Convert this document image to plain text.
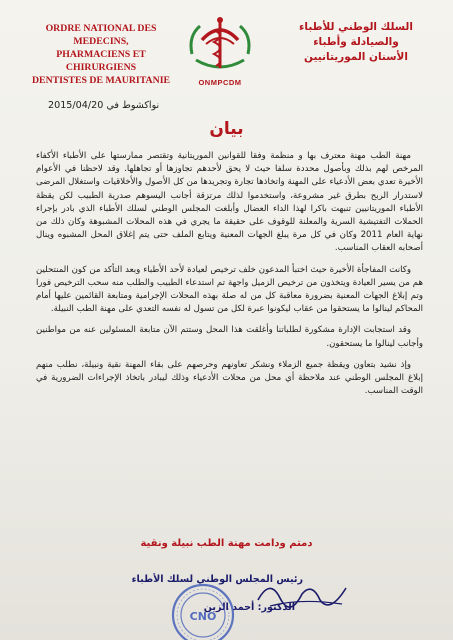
ORDRE NATIONAL DES MEDECINS,
PHARMACIENS ET CHIRURGIENS
DENTISTES DE MAURITANIE	ONMPCDM
السلك الوطني للأطباء
والصيادلة وأطباء
الأسنان الموريتانيين
نواكشوط في 2015/04/20
بيان

مهنة الطب مهنة معترف بها و منظمة وفقا للقوانين الموريتانية وتقتصر ممارستها على الأطباء الأكفاء المرخص لهم بذلك وبأصول محددة سلفا حيث لا يحق لأحدهم تجاوزها أو تجاهلها. وقد لاحظنا في الأعوام الأخيرة تعدي بعض الأدعياء على المهنة واتخاذها تجارة وتجريدها من كل الأصول والأخلاقيات واستغلال المرضى لاستدرار الربح بطرق غير مشروعة، واستخدموا لذلك مرتزقة أجانب اليسوهم صدرية الطبيب لكن يقظة الأطباء الموريتانيين تنبهت باكرا لهذا الداء العضال وأبلغت المجلس الوطني لسلك الأطباء الذي بادر بإجراء الحملات التفتيشية السرية والمعلنة للوقوف على حقيقة ما يجري في هذه المحلات المشبوهة وكان ذلك من نهاية العام 2011 وكان في كل مرة يبلغ الجهات المعنية ويتابع الملف حتى يتم إغلاق المحل المشبوه وينال أصحابه العقاب المناسب.

وكانت المفاجأة الأخيرة حيث اختبأ المدعون خلف ترخيص لعيادة لأحد الأطباء وبعد التأكد من كون المنتحلين هم من يسير العيادة ويتخذون من ترخيص الزميل واجهة تم استدعاء الطبيب والطلب منه سحب الترخيص فورا وتم إبلاغ الجهات المعنية بضرورة معاقبة كل من له صلة بهذه المحلات الإجرامية ومتابعة القائمين عليها أمام المحاكم لينالوا ما يستحقوا من عقاب ليكونوا عبرة لكل من تسول له نفسه التعدي على مهنة الطب النبيلة.

وقد استجابت الإدارة مشكورة لطلباتنا وأغلقت هذا المحل وستتم الآن متابعة المسئولين عنه من مواطنين وأجانب لينالوا ما يستحقون.

وإذ نشيد بتعاون ويقظة جميع الزملاء ونشكر تعاونهم وحرصهم على بقاء المهنة نقية ونبيلة، نطلب منهم إبلاغ المجلس الوطني عند ملاحظة أي محل من محلات الأدعياء وذلك ليبادر باتخاذ الإجراءات الضرورية في الوقت المناسب.

دمتم ودامت مهنة الطب نبيلة ونقية
رئيس المجلس الوطني لسلك الأطباء
الدكتور: أحمد الزين
CNO
